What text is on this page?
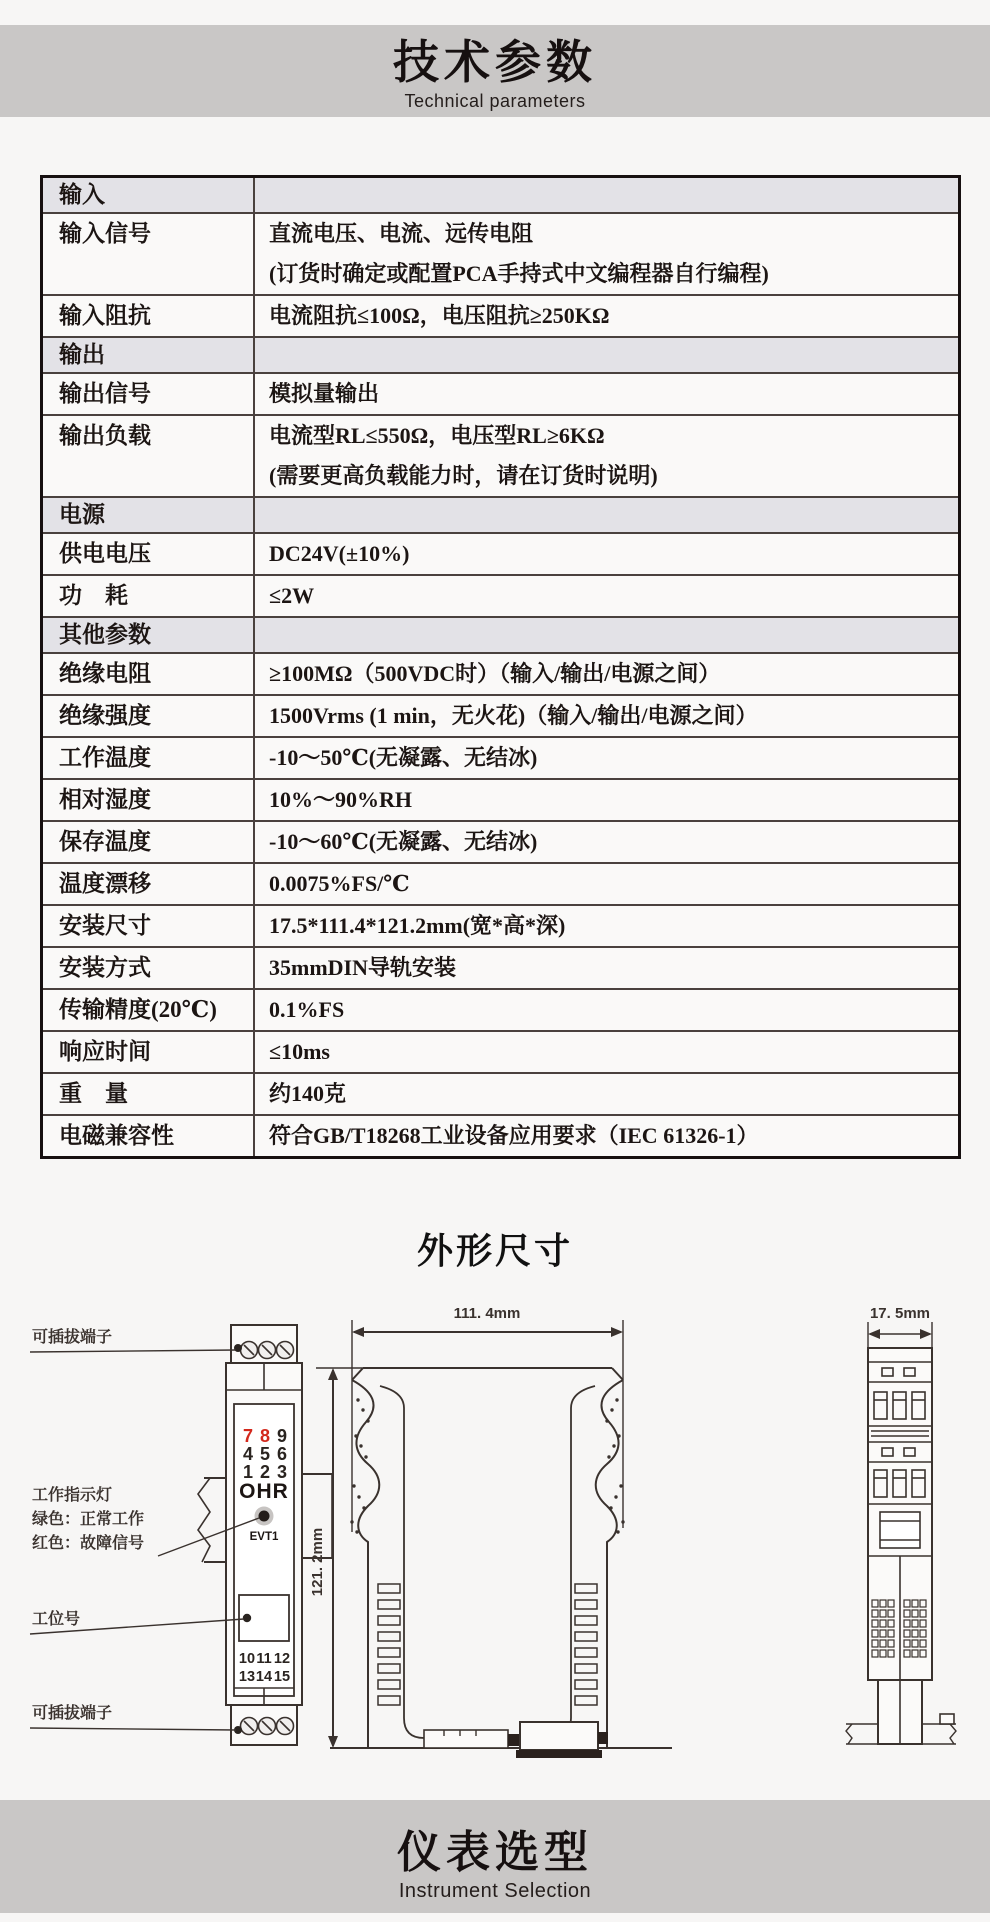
技术参数
Technical parameters
输入
输入信号	直流电压、电流、远传电阻
(订货时确定或配置PCA手持式中文编程器自行编程)
输入阻抗	电流阻抗≤100Ω，电压阻抗≥250KΩ
输出
输出信号	模拟量输出
输出负载	电流型RL≤550Ω，电压型RL≥6KΩ
(需要更高负载能力时，请在订货时说明)
电源
供电电压	DC24V(±10%)
功　耗	≤2W
其他参数
绝缘电阻	≥100MΩ（500VDC时）（输入/输出/电源之间）
绝缘强度	1500Vrms (1 min，无火花)（输入/输出/电源之间）
工作温度	-10～50℃(无凝露、无结冰)
相对湿度	10%～90%RH
保存温度	-10～60℃(无凝露、无结冰)
温度漂移	0.0075%FS/℃
安装尺寸	17.5*111.4*121.2mm(宽*高*深)
安装方式	35mmDIN导轨安装
传输精度(20℃)	0.1%FS
响应时间	≤10ms
重　量	约140克
电磁兼容性	符合GB/T18268工业设备应用要求（IEC 61326-1）
外形尺寸
7 8 9
4 5 6
1 2 3
OHR
EVT1
10 11 12
13 14 15
可插拔端子
工作指示灯
绿色：正常工作
红色：故障信号
工位号
可插拔端子
111. 4mm
121. 2mm
17. 5mm
仪表选型
Instrument Selection
